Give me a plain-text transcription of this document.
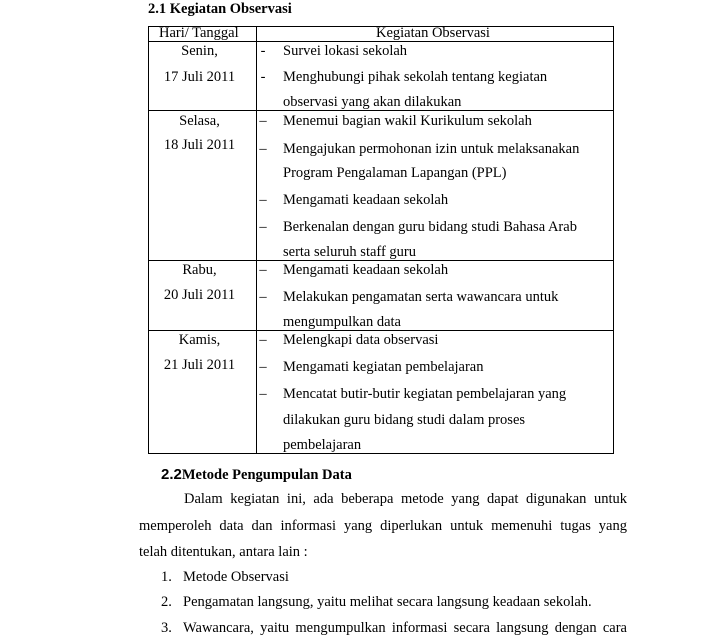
2.1 Kegiatan Observasi
Hari/ Tanggal	Kegiatan Observasi
Senin,
17 Juli 2011
- Survei lokasi sekolah
- Menghubungi pihak sekolah tentang kegiatan
observasi yang akan dilakukan
Selasa,
18 Juli 2011
– Menemui bagian wakil Kurikulum sekolah
– Mengajukan permohonan izin untuk melaksanakan
Program Pengalaman Lapangan (PPL)
– Mengamati keadaan sekolah
– Berkenalan dengan guru bidang studi Bahasa Arab
serta seluruh staff guru
Rabu,
20 Juli 2011
– Mengamati keadaan sekolah
– Melakukan pengamatan serta wawancara untuk
mengumpulkan data
Kamis,
21 Juli 2011
– Melengkapi data observasi
– Mengamati kegiatan pembelajaran
– Mencatat butir-butir kegiatan pembelajaran yang
dilakukan guru bidang studi dalam proses
pembelajaran
2.2Metode Pengumpulan Data
Dalam kegiatan ini, ada beberapa metode yang dapat digunakan untuk
memperoleh data dan informasi yang diperlukan untuk memenuhi tugas yang
telah ditentukan, antara lain :
1. Metode Observasi
2. Pengamatan langsung, yaitu melihat secara langsung keadaan sekolah.
3. Wawancara, yaitu mengumpulkan informasi secara langsung dengan cara
